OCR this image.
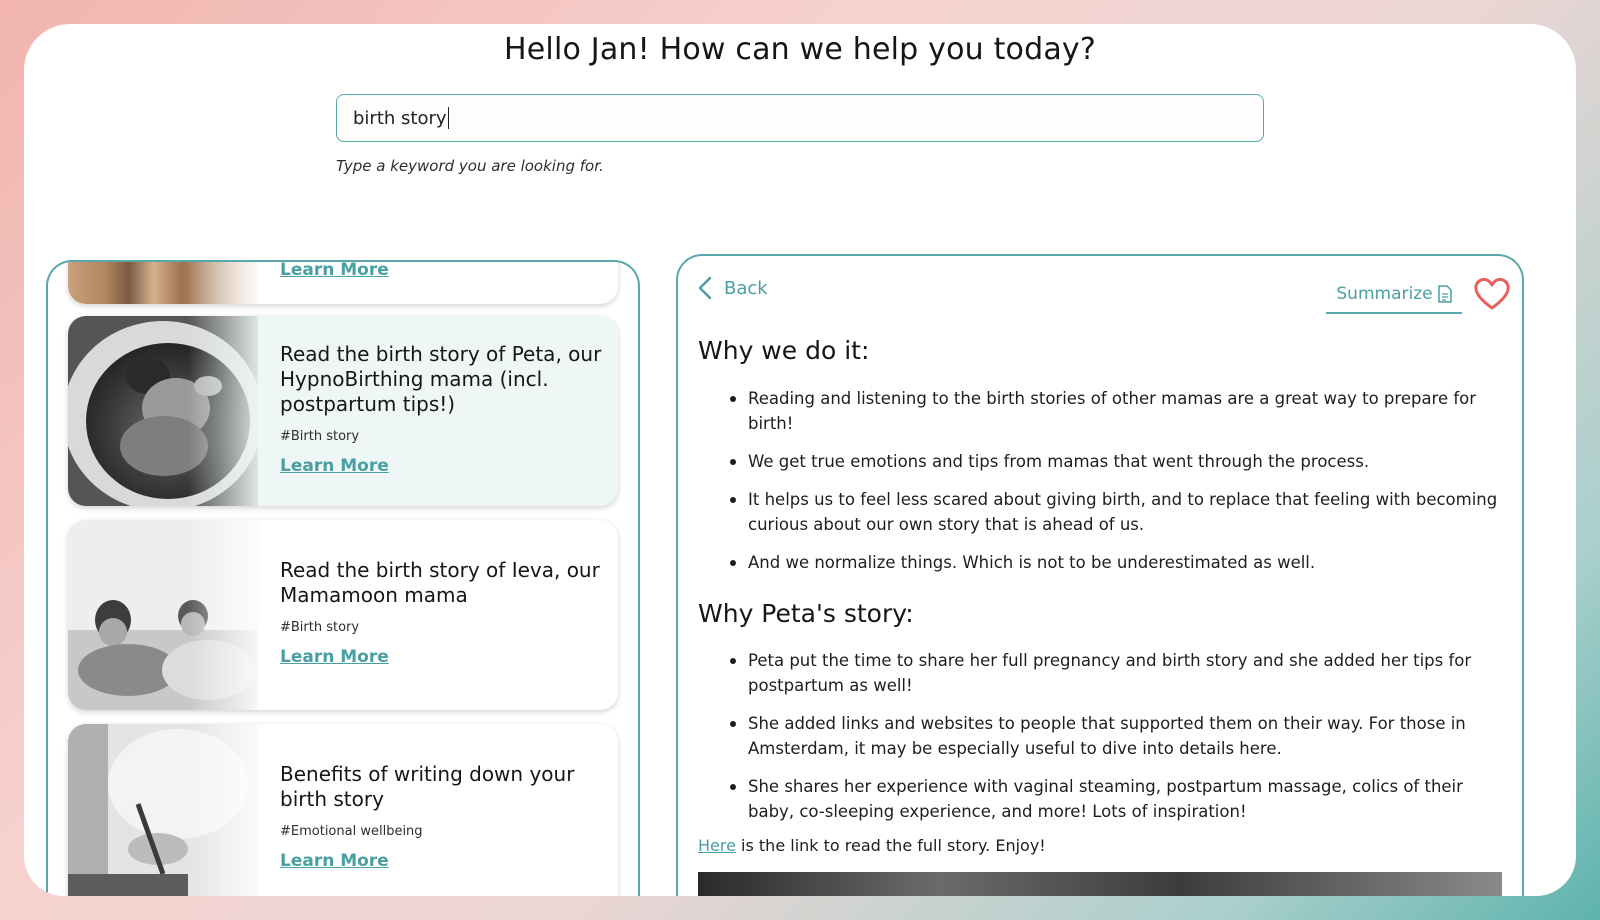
Hello Jan! How can we help you today?
birth story
Type a keyword you are looking for.
Learn More
Read the birth story of Peta, our HypnoBirthing mama (incl. postpartum tips!)
#Birth story
Learn More
Read the birth story of Ieva, our Mamamoon mama
#Birth story
Learn More
Benefits of writing down your birth story
#Emotional wellbeing
Learn More
Back	Summarize
Why we do it:
Reading and listening to the birth stories of other mamas are a great way to prepare for birth!
We get true emotions and tips from mamas that went through the process.
It helps us to feel less scared about giving birth, and to replace that feeling with becoming curious about our own story that is ahead of us.
And we normalize things. Which is not to be underestimated as well.
Why Peta's story:
Peta put the time to share her full pregnancy and birth story and she added her tips for postpartum as well!
She added links and websites to people that supported them on their way. For those in Amsterdam, it may be especially useful to dive into details here.
She shares her experience with vaginal steaming, postpartum massage, colics of their baby, co-sleeping experience, and more! Lots of inspiration!
Here is the link to read the full story. Enjoy!
